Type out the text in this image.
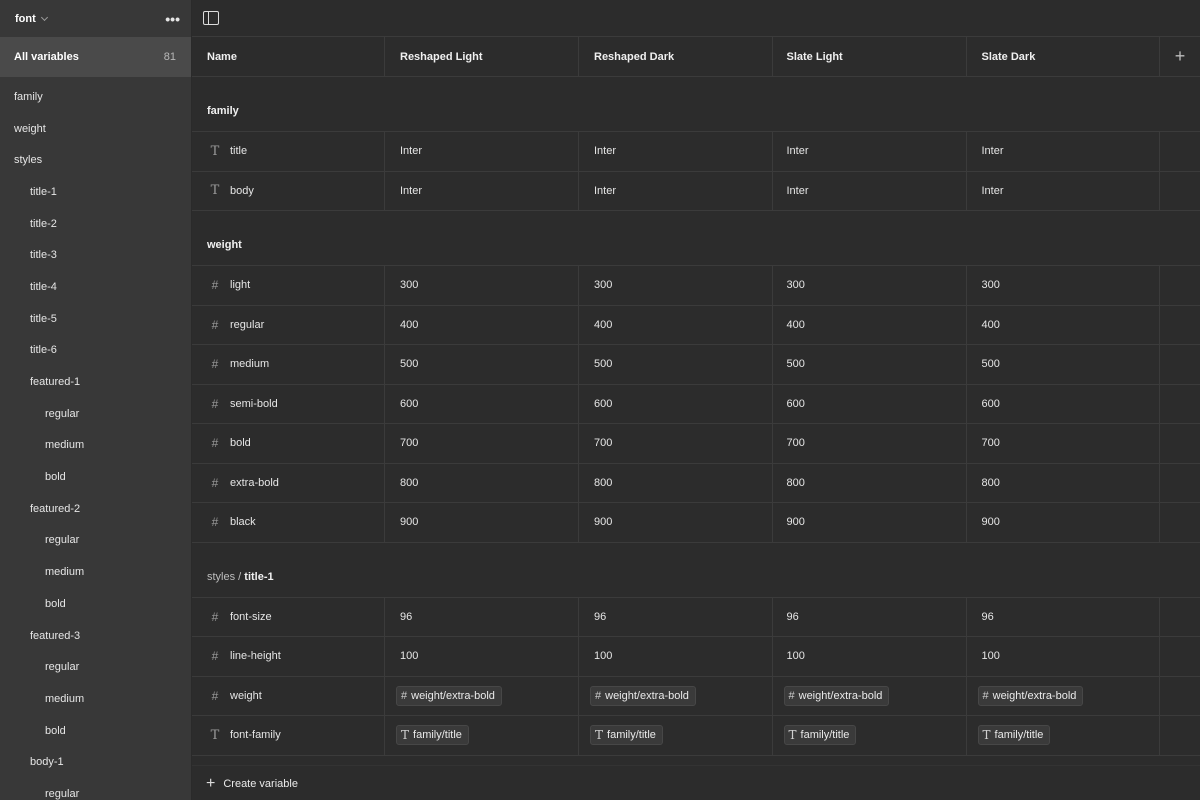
font	•••
All variables	81
family
weight
styles
title-1
title-2
title-3
title-4
title-5
title-6
featured-1
regular
medium
bold
featured-2
regular
medium
bold
featured-3
regular
medium
bold
body-1
regular
Name	Reshaped Light	Reshaped Dark	Slate Light	Slate Dark	+
family
T title	Inter	Inter	Inter	Inter
T body	Inter	Inter	Inter	Inter
weight
#	light	300	300	300	300
#	regular	400	400	400	400
#	medium	500	500	500	500
#	semi-bold	600	600	600	600
#	bold	700	700	700	700
#	extra-bold	800	800	800	800
#	black	900	900	900	900
styles / title-1
#	font-size	96	96	96	96
#	line-height	100	100	100	100
#	weight	# weight/extra-bold	# weight/extra-bold	# weight/extra-bold	# weight/extra-bold
T font-family	T family/title	T family/title	T family/title	T family/title
+ Create variable
